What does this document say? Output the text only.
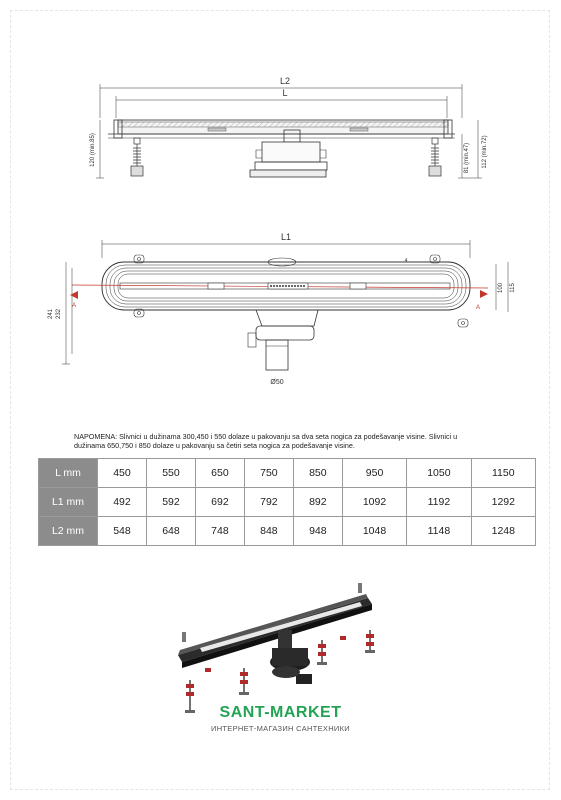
L2
L
120 (min.85)	81 (min.47) 112 (min.72)
L1
241 232
115
100
A	A
Ø50
4
NAPOMENA: Slivnici u dužinama 300,450 i 550 dolaze u pakovanju sa dva seta nogica za podešavanje visine. Slivnici u dužinama 650,750 i 850 dolaze u pakovanju sa četiri seta nogica za podešavanje visine.
L mm	450	550	650	750	850	950	1050	1150
L1 mm	492	592	692	792	892	1092	1192	1292
L2 mm	548	648	748	848	948	1048	1148	1248
SANT-MARKET
ИНТЕРНЕТ-МАГАЗИН САНТЕХНИКИ
